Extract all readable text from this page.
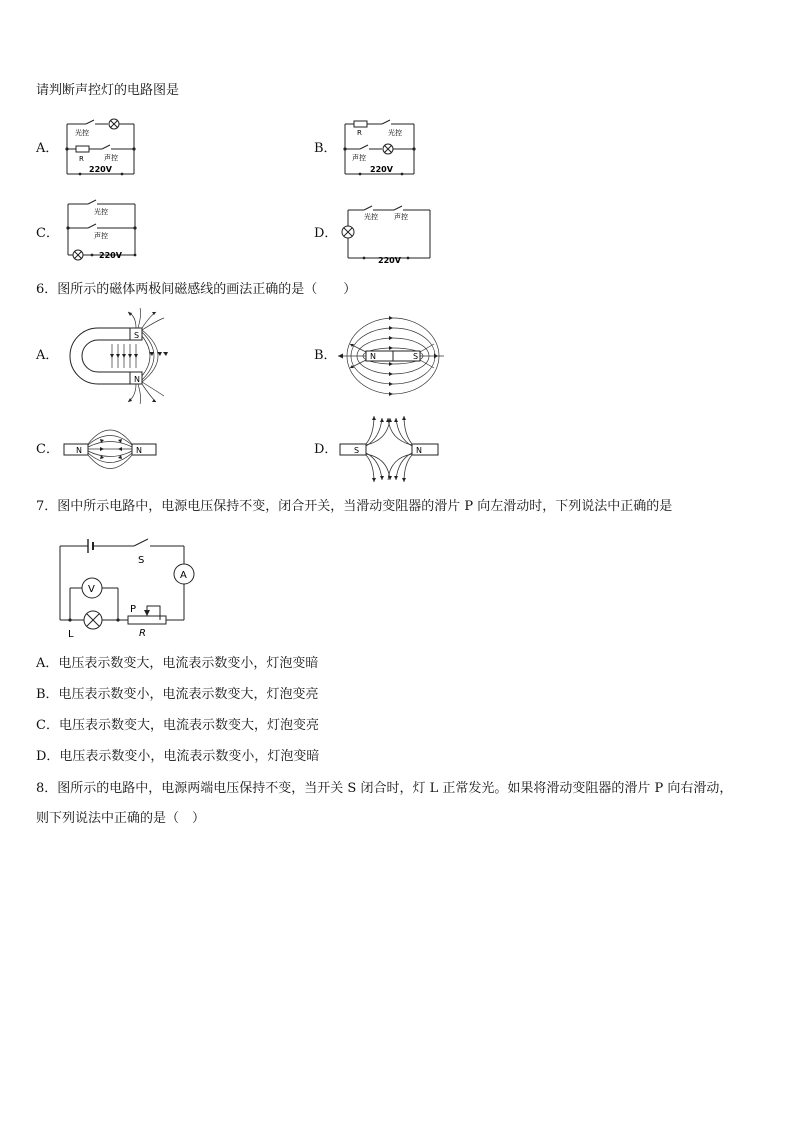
请判断声控灯的电路图是
A．
光控
R	声控
220V
B．
R	光控
声控
220V
C．
光控
声控
220V
D．
光控 声控
220V
6．图所示的磁体两极间磁感线的画法正确的是（　　）
A．
S
N
B．	N	S
C． N	N	D． S	N
7．图中所示电路中，电源电压保持不变，闭合开关，当滑动变阻器的滑片 P 向左滑动时，下列说法中正确的是
S
A
V
L
P
R
A．电压表示数变大，电流表示数变小，灯泡变暗
B．电压表示数变小，电流表示数变大，灯泡变亮
C．电压表示数变大，电流表示数变大，灯泡变亮
D．电压表示数变小，电流表示数变小，灯泡变暗
8．图所示的电路中，电源两端电压保持不变，当开关 S 闭合时，灯 L 正常发光。如果将滑动变阻器的滑片 P 向右滑动，
则下列说法中正确的是（　）
